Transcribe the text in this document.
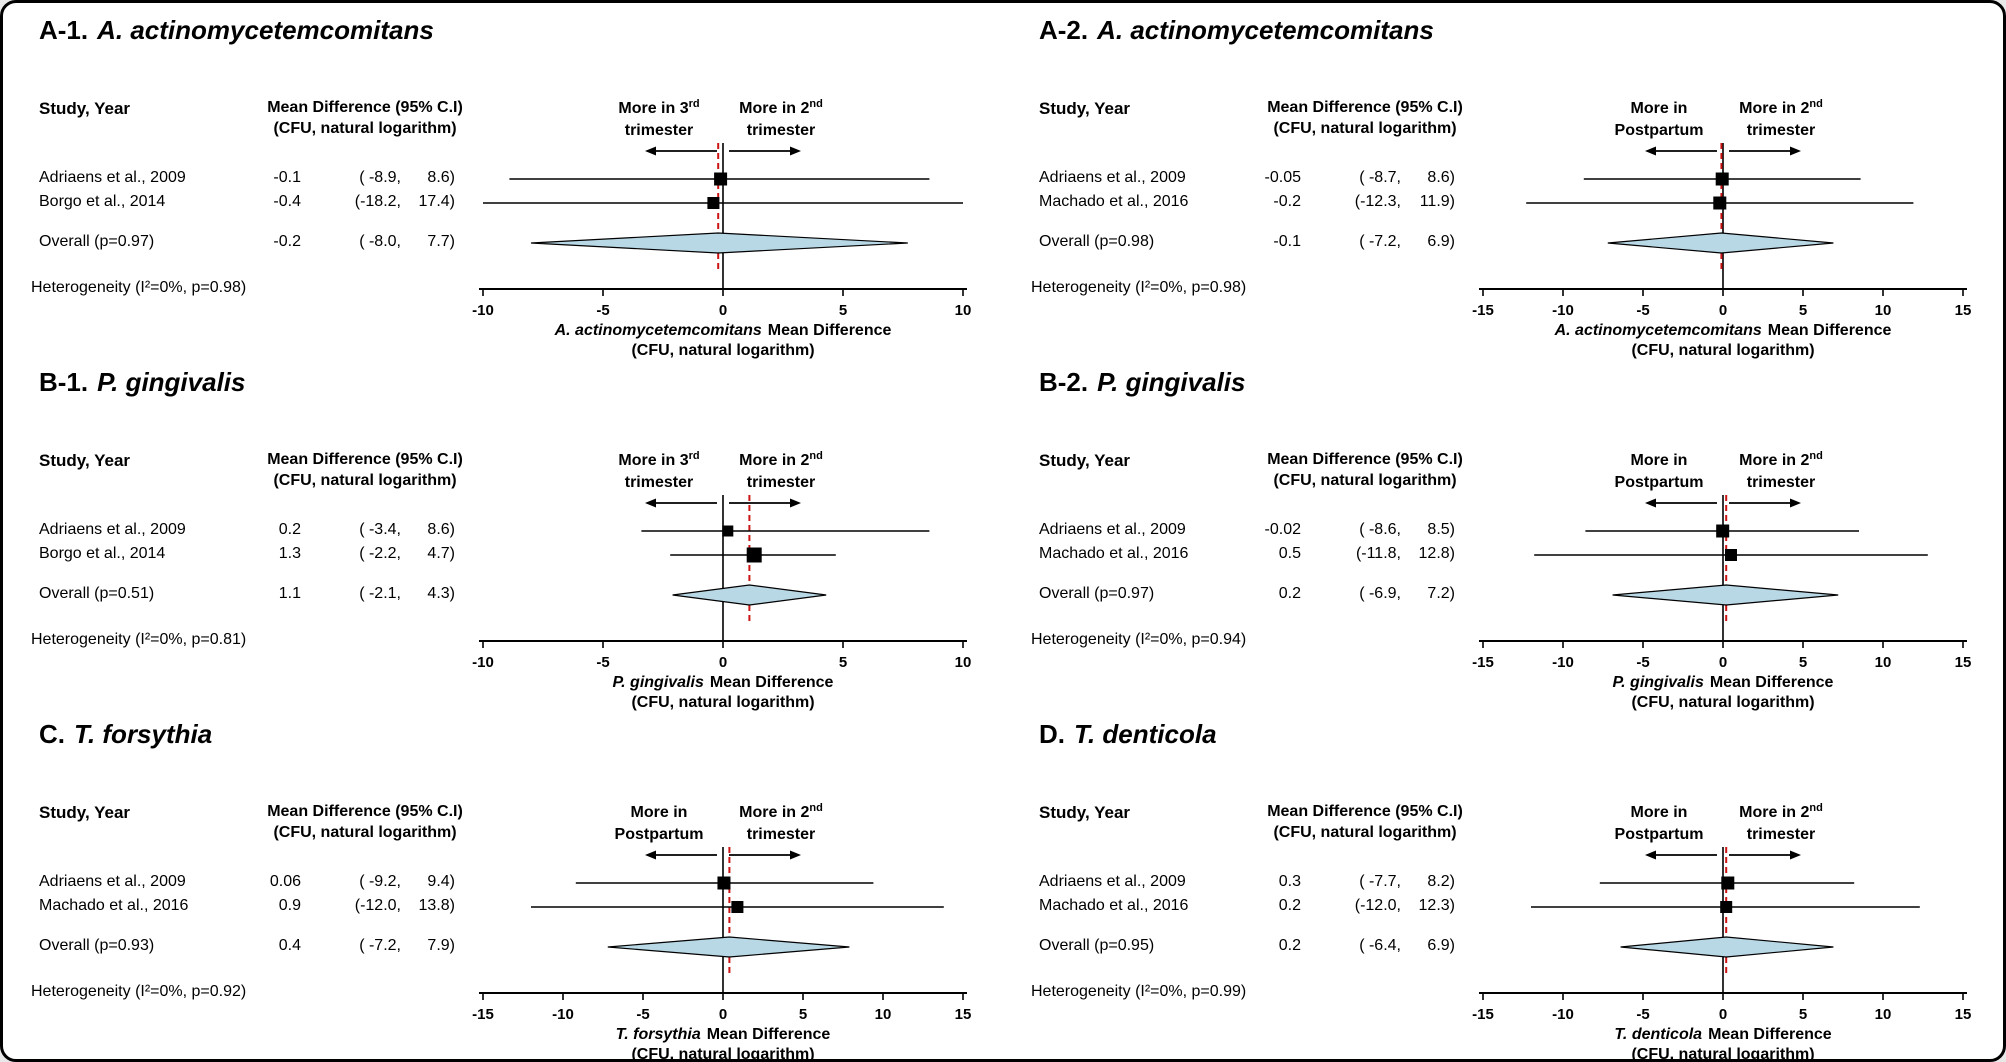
A-1. A. actinomycetemcomitans
Study, Year	Mean Difference (95% C.I)
(CFU, natural logarithm)
Adriaens et al., 2009	-0.1	( -8.9,	8.6)
Borgo et al., 2014	-0.4	(-18.2,	17.4)
Overall (p=0.97)	-0.2	( -8.0,	7.7)
Heterogeneity (I²=0%, p=0.98)
-10	-5	0	5	10
More in 3rd
trimester
More in 2nd
trimester
A. actinomycetemcomitans Mean Difference
(CFU, natural logarithm)
A-2. A. actinomycetemcomitans
Study, Year	Mean Difference (95% C.I)
(CFU, natural logarithm)
Adriaens et al., 2009	-0.05	( -8.7,	8.6)
Machado et al., 2016	-0.2	(-12.3,	11.9)
Overall (p=0.98)	-0.1	( -7.2,	6.9)
Heterogeneity (I²=0%, p=0.98)
-15	-10	-5	0	5	10	15
More in
Postpartum
More in 2nd
trimester
A. actinomycetemcomitans Mean Difference
(CFU, natural logarithm)
B-1. P. gingivalis
Study, Year	Mean Difference (95% C.I)
(CFU, natural logarithm)
Adriaens et al., 2009	0.2	( -3.4,	8.6)
Borgo et al., 2014	1.3	( -2.2,	4.7)
Overall (p=0.51)	1.1	( -2.1,	4.3)
Heterogeneity (I²=0%, p=0.81)
-10	-5	0	5	10
More in 3rd
trimester
More in 2nd
trimester
P. gingivalis Mean Difference
(CFU, natural logarithm)
B-2. P. gingivalis
Study, Year	Mean Difference (95% C.I)
(CFU, natural logarithm)
Adriaens et al., 2009	-0.02	( -8.6,	8.5)
Machado et al., 2016	0.5	(-11.8,	12.8)
Overall (p=0.97)	0.2	( -6.9,	7.2)
Heterogeneity (I²=0%, p=0.94)
-15	-10	-5	0	5	10	15
More in
Postpartum
More in 2nd
trimester
P. gingivalis Mean Difference
(CFU, natural logarithm)
C. T. forsythia
Study, Year	Mean Difference (95% C.I)
(CFU, natural logarithm)
Adriaens et al., 2009	0.06	( -9.2,	9.4)
Machado et al., 2016	0.9	(-12.0,	13.8)
Overall (p=0.93)	0.4	( -7.2,	7.9)
Heterogeneity (I²=0%, p=0.92)
-15	-10	-5	0	5	10	15
More in
Postpartum
More in 2nd
trimester
T. forsythia Mean Difference
(CFU, natural logarithm)
D. T. denticola
Study, Year	Mean Difference (95% C.I)
(CFU, natural logarithm)
Adriaens et al., 2009	0.3	( -7.7,	8.2)
Machado et al., 2016	0.2	(-12.0,	12.3)
Overall (p=0.95)	0.2	( -6.4,	6.9)
Heterogeneity (I²=0%, p=0.99)
-15	-10	-5	0	5	10	15
More in
Postpartum
More in 2nd
trimester
T. denticola Mean Difference
(CFU, natural logarithm)
